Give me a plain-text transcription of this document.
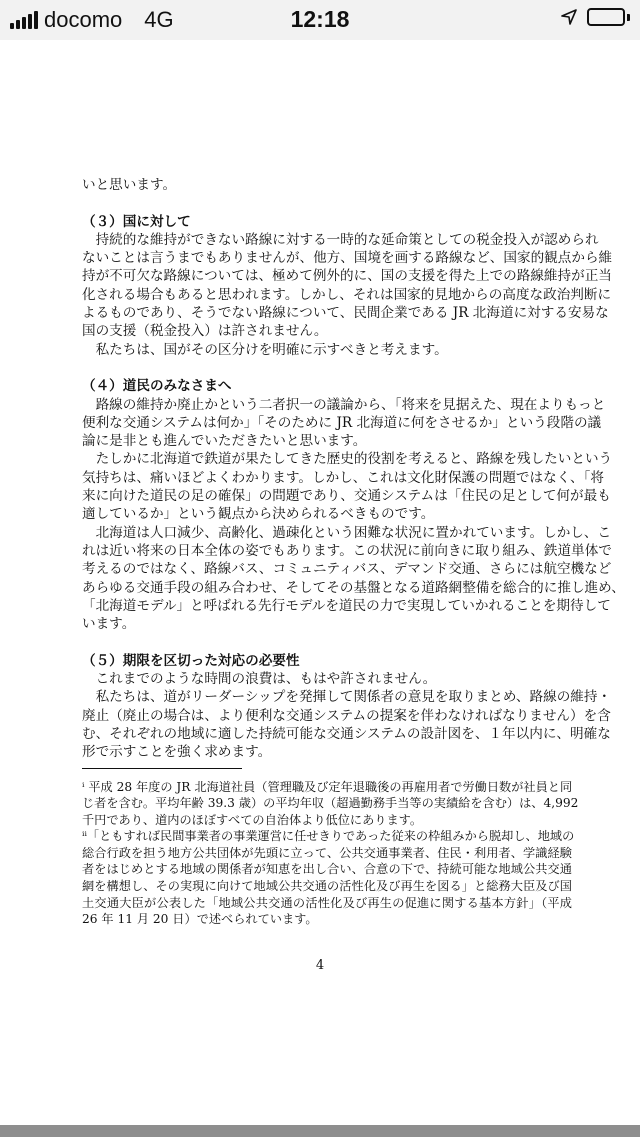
docomo 4G	12:18
いと思います。
（３）国に対して
　持続的な維持ができない路線に対する一時的な延命策としての税金投入が認められ
ないことは言うまでもありませんが、他方、国境を画する路線など、国家的観点から維
持が不可欠な路線については、極めて例外的に、国の支援を得た上での路線維持が正当
化される場合もあると思われます。しかし、それは国家的見地からの高度な政治判断に
よるものであり、そうでない路線について、民間企業である JR 北海道に対する安易な
国の支援（税金投入）は許されません。
　私たちは、国がその区分けを明確に示すべきと考えます。
（４）道民のみなさまへ
　路線の維持か廃止かという二者択一の議論から、「将来を見据えた、現在よりもっと
便利な交通システムは何か」「そのために JR 北海道に何をさせるか」という段階の議
論に是非とも進んでいただきたいと思います。
　たしかに北海道で鉄道が果たしてきた歴史的役割を考えると、路線を残したいという
気持ちは、痛いほどよくわかります。しかし、これは文化財保護の問題ではなく、「将
来に向けた道民の足の確保」の問題であり、交通システムは「住民の足として何が最も
適しているか」という観点から決められるべきものです。
　北海道は人口減少、高齢化、過疎化という困難な状況に置かれています。しかし、こ
れは近い将来の日本全体の姿でもあります。この状況に前向きに取り組み、鉄道単体で
考えるのではなく、路線バス、コミュニティバス、デマンド交通、さらには航空機など
あらゆる交通手段の組み合わせ、そしてその基盤となる道路網整備を総合的に推し進め、
「北海道モデル」と呼ばれる先行モデルを道民の力で実現していかれることを期待して
います。
（５）期限を区切った対応の必要性
　これまでのような時間の浪費は、もはや許されません。
　私たちは、道がリーダーシップを発揮して関係者の意見を取りまとめ、路線の維持・
廃止（廃止の場合は、より便利な交通システムの提案を伴わなければなりません）を含
む、それぞれの地域に適した持続可能な交通システムの設計図を、１年以内に、明確な
形で示すことを強く求めます。
ⁱ 平成 28 年度の JR 北海道社員（管理職及び定年退職後の再雇用者で労働日数が社員と同
じ者を含む。平均年齢 39.3 歳）の平均年収（超過勤務手当等の実績給を含む）は、4,992
千円であり、道内のほぼすべての自治体より低位にあります。
ⁱⁱ「ともすれば民間事業者の事業運営に任せきりであった従来の枠組みから脱却し、地域の
総合行政を担う地方公共団体が先頭に立って、公共交通事業者、住民・利用者、学識経験
者をはじめとする地域の関係者が知恵を出し合い、合意の下で、持続可能な地域公共交通
網を構想し、その実現に向けて地域公共交通の活性化及び再生を図る」と総務大臣及び国
土交通大臣が公表した「地域公共交通の活性化及び再生の促進に関する基本方針」（平成
26 年 11 月 20 日）で述べられています。
4
